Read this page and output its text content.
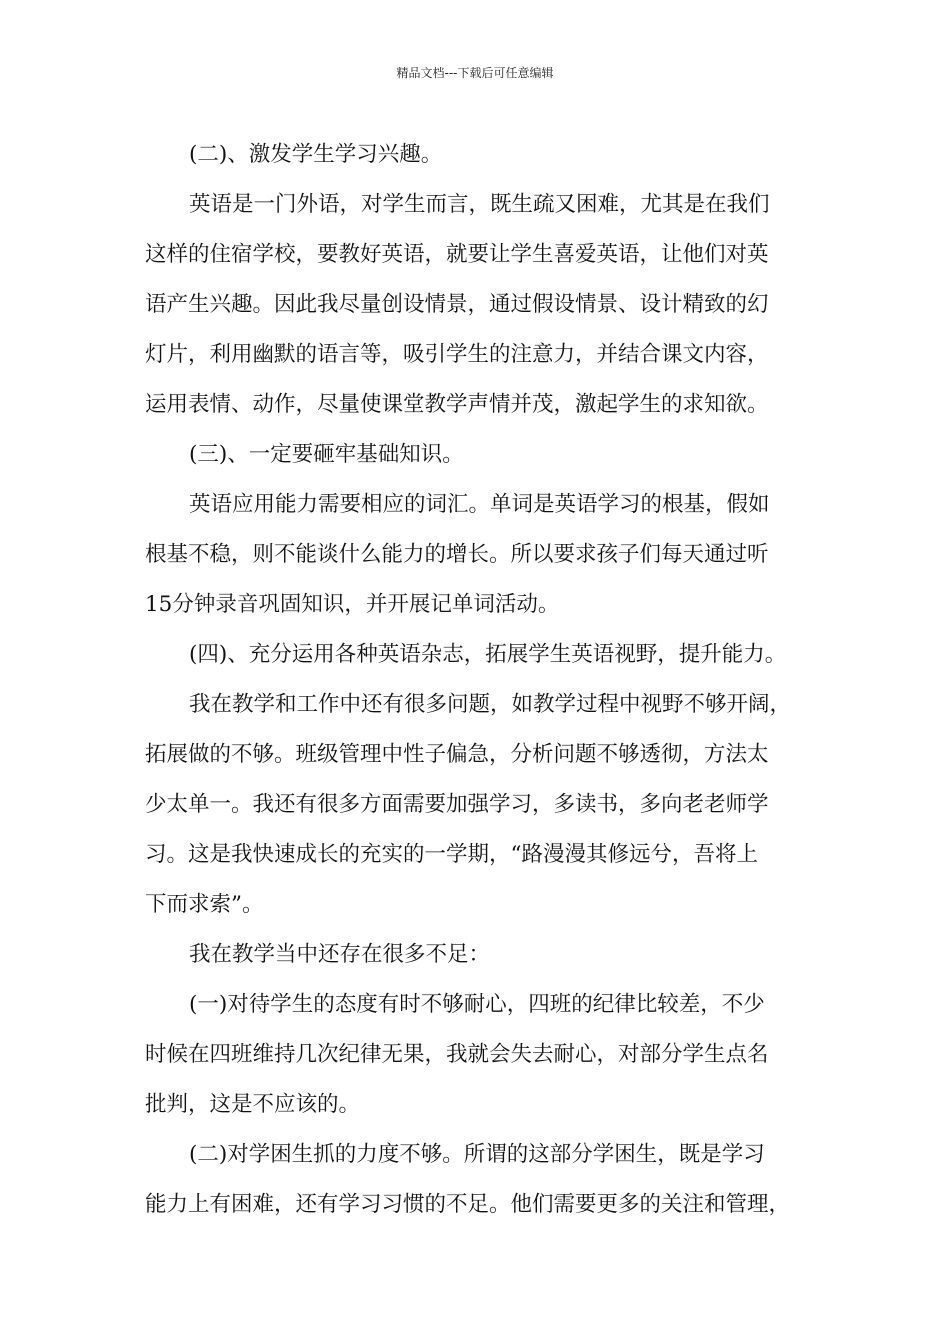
精品文档---下载后可任意编辑
(二)、激发学生学习兴趣。
英语是一门外语，对学生而言，既生疏又困难，尤其是在我们
这样的住宿学校，要教好英语，就要让学生喜爱英语，让他们对英
语产生兴趣。因此我尽量创设情景，通过假设情景、设计精致的幻
灯片，利用幽默的语言等，吸引学生的注意力，并结合课文内容，
运用表情、动作，尽量使课堂教学声情并茂，激起学生的求知欲。
(三)、一定要砸牢基础知识。
英语应用能力需要相应的词汇。单词是英语学习的根基，假如
根基不稳，则不能谈什么能力的增长。所以要求孩子们每天通过听
15分钟录音巩固知识，并开展记单词活动。
(四)、充分运用各种英语杂志，拓展学生英语视野，提升能力。
我在教学和工作中还有很多问题，如教学过程中视野不够开阔，
拓展做的不够。班级管理中性子偏急，分析问题不够透彻，方法太
少太单一。我还有很多方面需要加强学习，多读书，多向老老师学
习。这是我快速成长的充实的一学期，“路漫漫其修远兮，吾将上
下而求索”。
我在教学当中还存在很多不足：
(一)对待学生的态度有时不够耐心，四班的纪律比较差，不少
时候在四班维持几次纪律无果，我就会失去耐心，对部分学生点名
批判，这是不应该的。
(二)对学困生抓的力度不够。所谓的这部分学困生，既是学习
能力上有困难，还有学习习惯的不足。他们需要更多的关注和管理，
